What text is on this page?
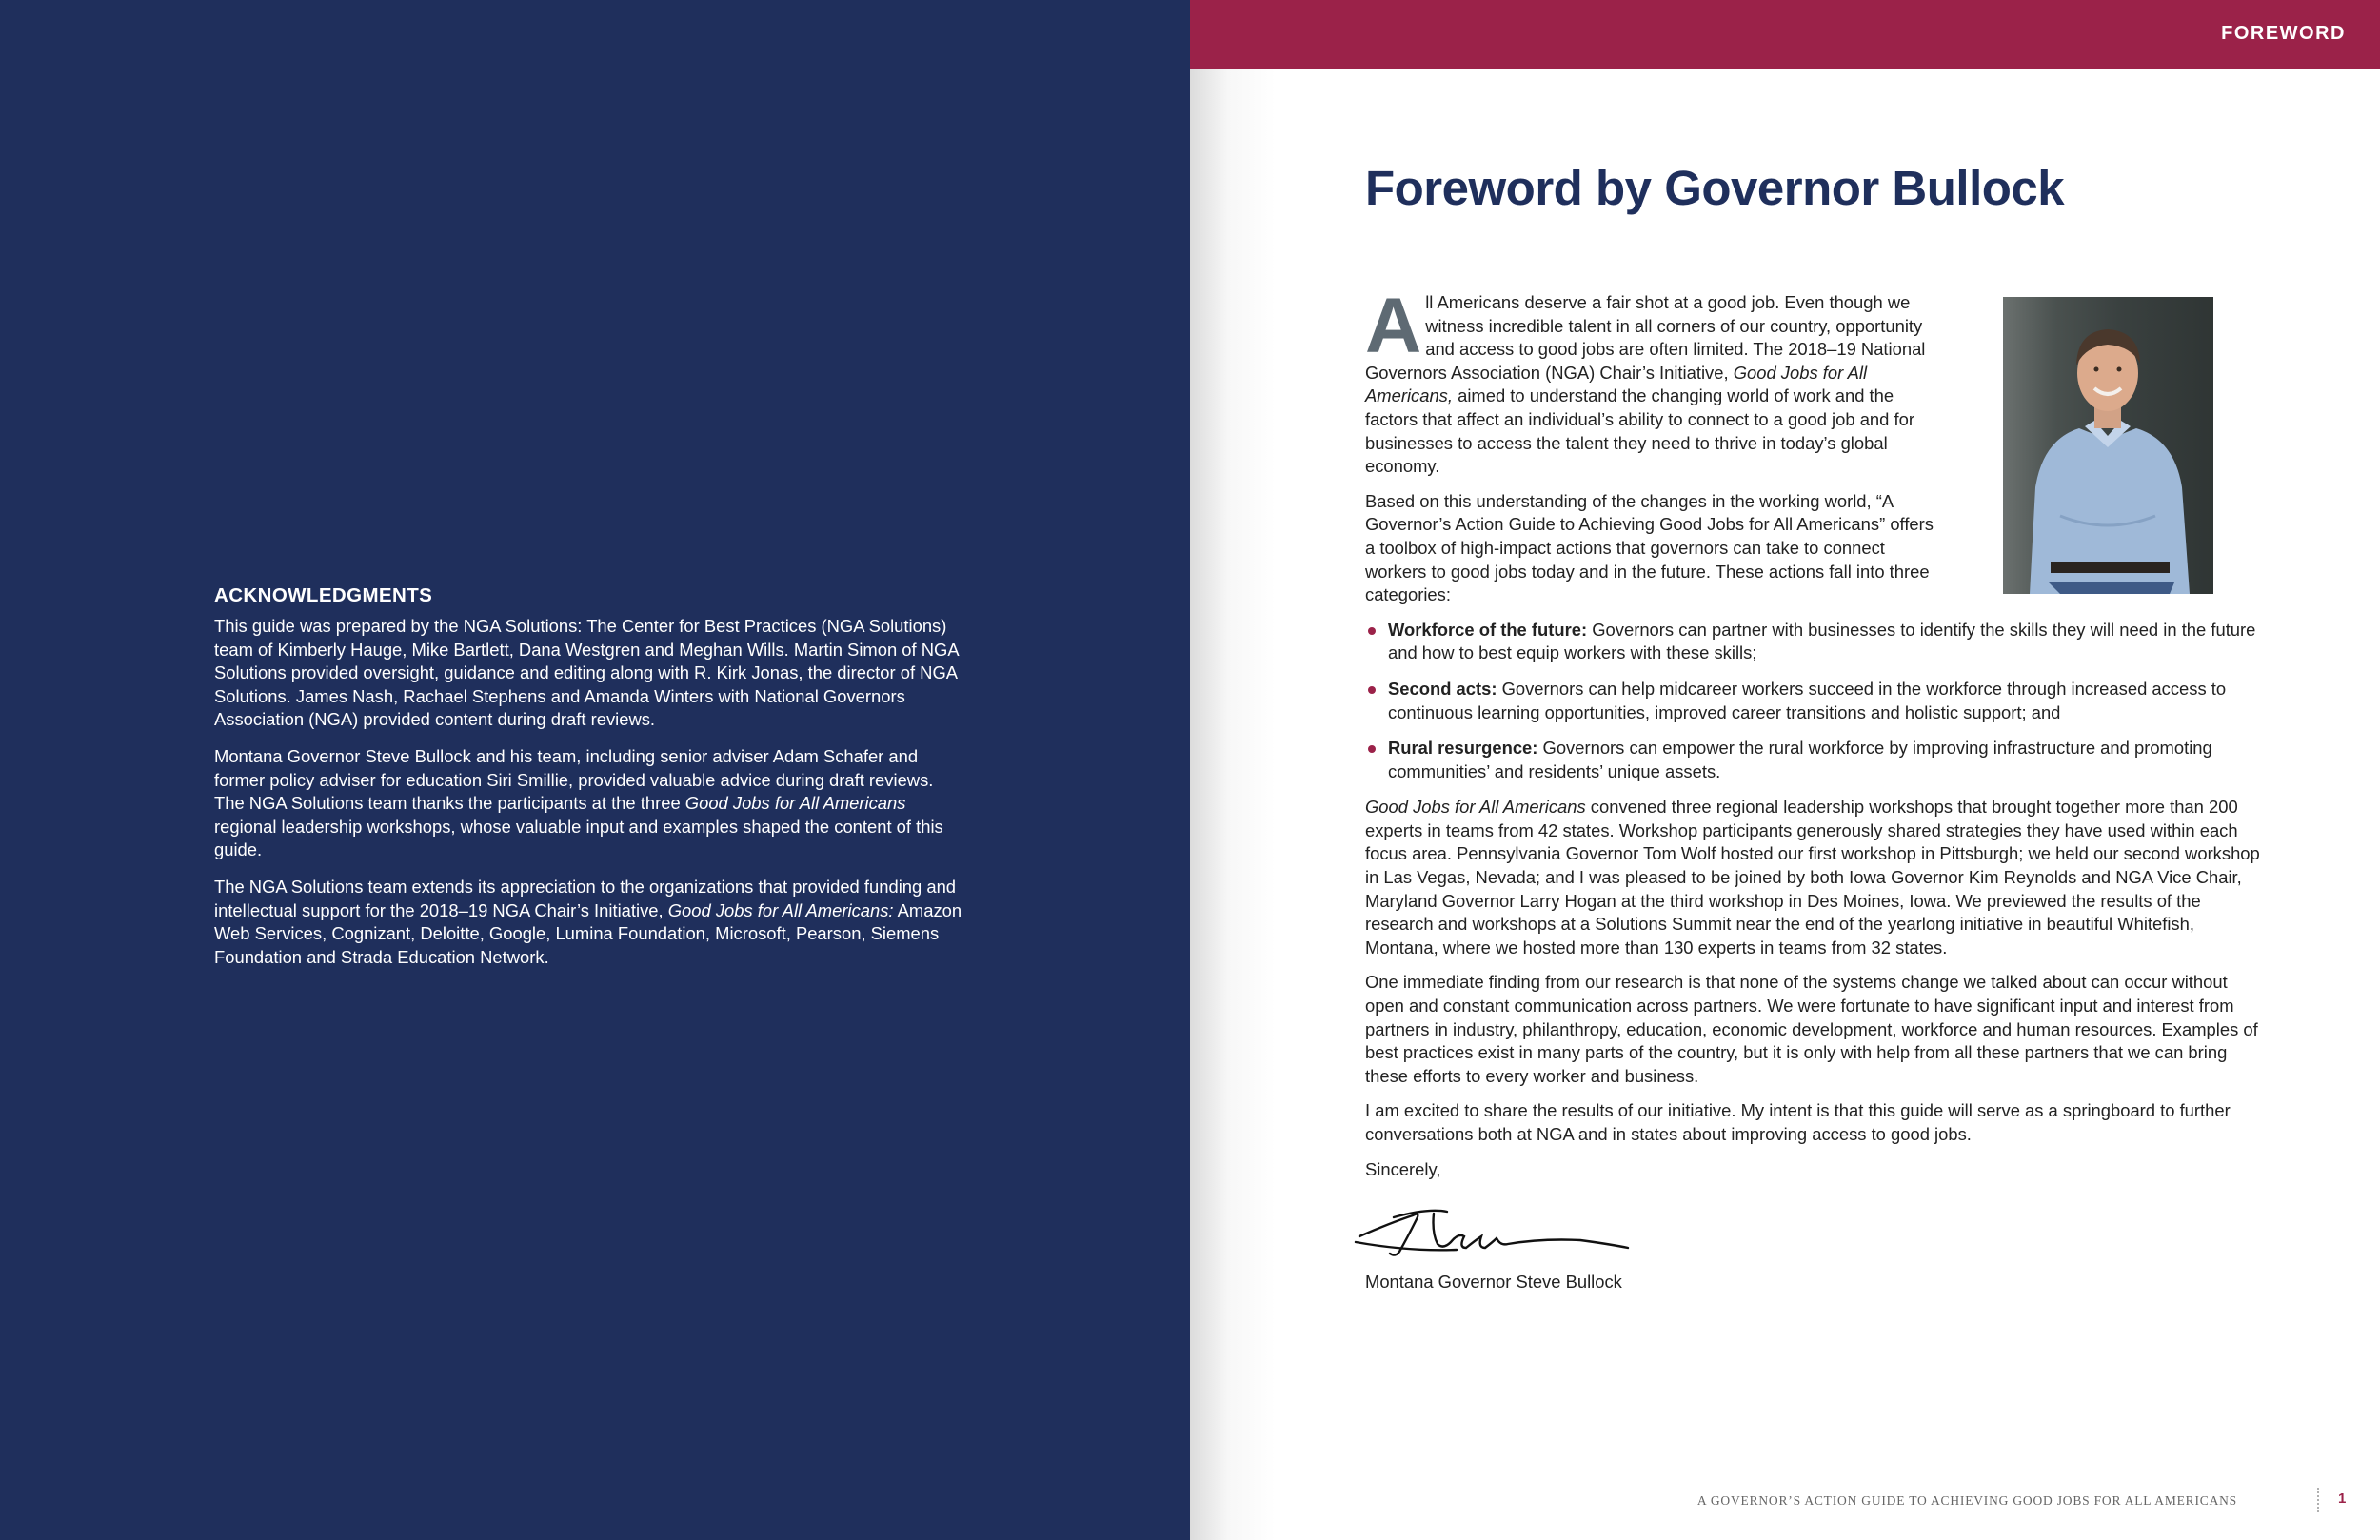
ACKNOWLEDGMENTS

This guide was prepared by the NGA Solutions: The Center for Best Practices (NGA Solutions) team of Kimberly Hauge, Mike Bartlett, Dana Westgren and Meghan Wills. Martin Simon of NGA Solutions provided oversight, guidance and editing along with R. Kirk Jonas, the director of NGA Solutions. James Nash, Rachael Stephens and Amanda Winters with National Governors Association (NGA) provided content during draft reviews.

Montana Governor Steve Bullock and his team, including senior adviser Adam Schafer and former policy adviser for education Siri Smillie, provided valuable advice during draft reviews. The NGA Solutions team thanks the participants at the three Good Jobs for All Americans regional leadership workshops, whose valuable input and examples shaped the content of this guide.

The NGA Solutions team extends its appreciation to the organizations that provided funding and intellectual support for the 2018–19 NGA Chair’s Initiative, Good Jobs for All Americans: Amazon Web Services, Cognizant, Deloitte, Google, Lumina Foundation, Microsoft, Pearson, Siemens Foundation and Strada Education Network.

FOREWORD
Foreword by Governor Bullock

All Americans deserve a fair shot at a good job. Even though we witness incredible talent in all corners of our country, opportunity and access to good jobs are often limited. The 2018–19 National Governors Association (NGA) Chair’s Initiative, Good Jobs for All Americans, aimed to understand the changing world of work and the factors that affect an individual’s ability to connect to a good job and for businesses to access the talent they need to thrive in today’s global economy.

Based on this understanding of the changes in the working world, “A Governor’s Action Guide to Achieving Good Jobs for All Americans” offers a toolbox of high-impact actions that governors can take to connect workers to good jobs today and in the future. These actions fall into three categories:

Workforce of the future: Governors can partner with businesses to identify the skills they will need in the future and how to best equip workers with these skills;
Second acts: Governors can help midcareer workers succeed in the workforce through increased access to continuous learning opportunities, improved career transitions and holistic support; and
Rural resurgence: Governors can empower the rural workforce by improving infrastructure and promoting communities’ and residents’ unique assets.

Good Jobs for All Americans convened three regional leadership workshops that brought together more than 200 experts in teams from 42 states. Workshop participants generously shared strategies they have used within each focus area. Pennsylvania Governor Tom Wolf hosted our first workshop in Pittsburgh; we held our second workshop in Las Vegas, Nevada; and I was pleased to be joined by both Iowa Governor Kim Reynolds and NGA Vice Chair, Maryland Governor Larry Hogan at the third workshop in Des Moines, Iowa. We previewed the results of the research and workshops at a Solutions Summit near the end of the yearlong initiative in beautiful Whitefish, Montana, where we hosted more than 130 experts in teams from 32 states.

One immediate finding from our research is that none of the systems change we talked about can occur without open and constant communication across partners. We were fortunate to have significant input and interest from partners in industry, philanthropy, education, economic development, workforce and human resources. Examples of best practices exist in many parts of the country, but it is only with help from all these partners that we can bring these efforts to every worker and business.

I am excited to share the results of our initiative. My intent is that this guide will serve as a springboard to further conversations both at NGA and in states about improving access to good jobs.

Sincerely,

Montana Governor Steve Bullock

A GOVERNOR’S ACTION GUIDE TO ACHIEVING GOOD JOBS FOR ALL AMERICANS	1
